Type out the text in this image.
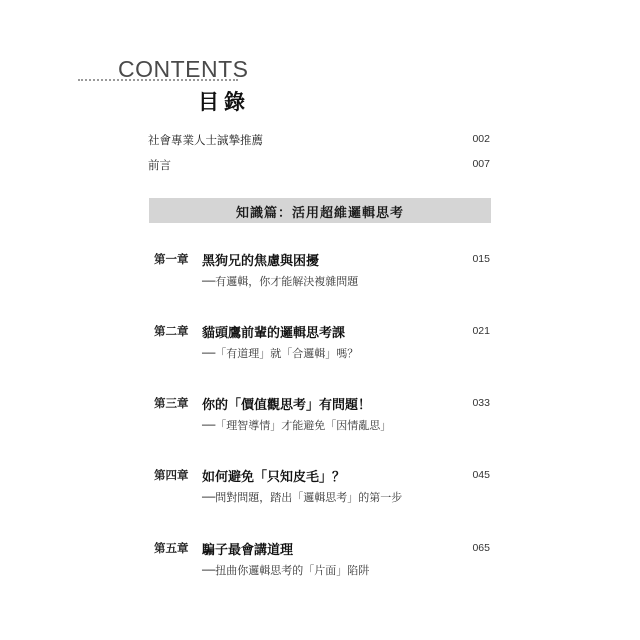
CONTENTS
目錄
社會專業人士誠摯推薦	002
前言	007
知識篇：活用超維邏輯思考
第一章 黑狗兄的焦慮與困擾	015
──有邏輯，你才能解決複雜問題
第二章 貓頭鷹前輩的邏輯思考課	021
──「有道理」就「合邏輯」嗎？
第三章 你的「價值觀思考」有問題！	033
──「理智導情」才能避免「因情亂思」
第四章 如何避免「只知皮毛」？	045
──問對問題，踏出「邏輯思考」的第一步
第五章 騙子最會講道理	065
──扭曲你邏輯思考的「片面」陷阱
